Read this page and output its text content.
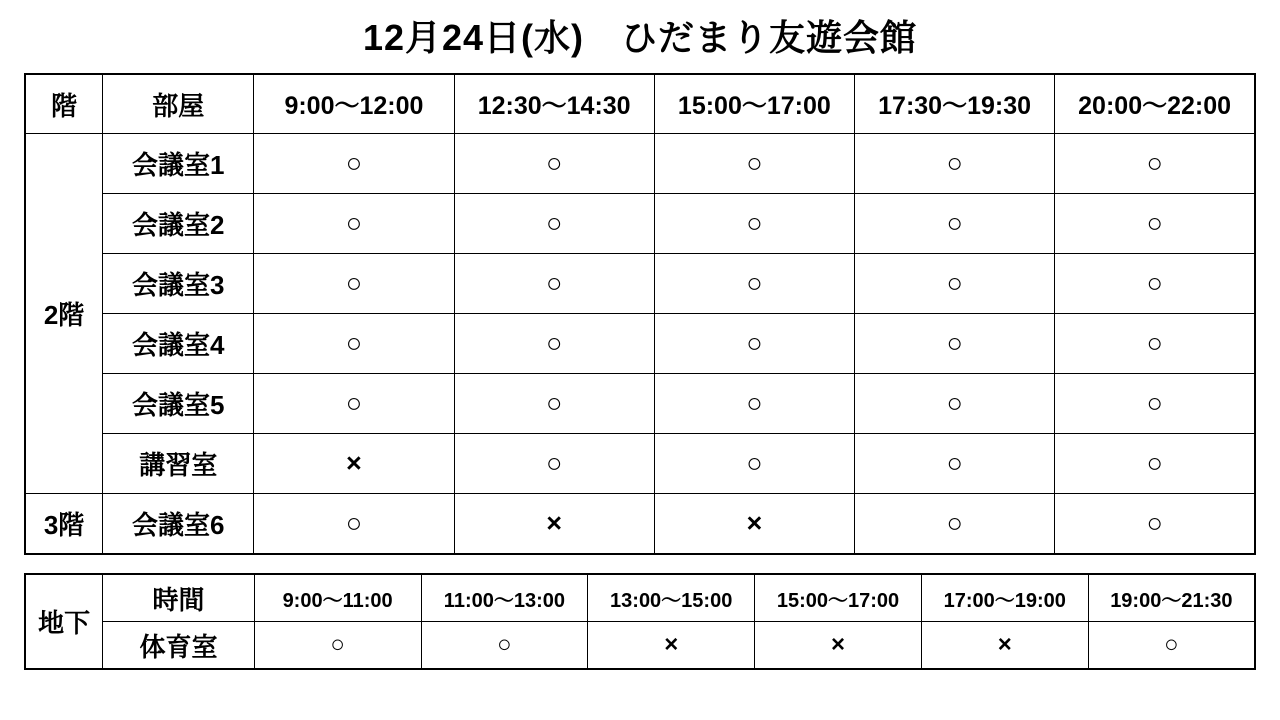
12月24日(水)　ひだまり友遊会館
階	部屋	9:00〜12:00	12:30〜14:30	15:00〜17:00	17:30〜19:30	20:00〜22:00
2階	会議室1	○	○	○	○	○
	会議室2	○	○	○	○	○
	会議室3	○	○	○	○	○
	会議室4	○	○	○	○	○
	会議室5	○	○	○	○	○
	講習室	×	○	○	○	○
3階	会議室6	○	×	×	○	○
地下	時間	9:00〜11:00	11:00〜13:00	13:00〜15:00	15:00〜17:00	17:00〜19:00	19:00〜21:30
	体育室	○	○	×	×	×	○
